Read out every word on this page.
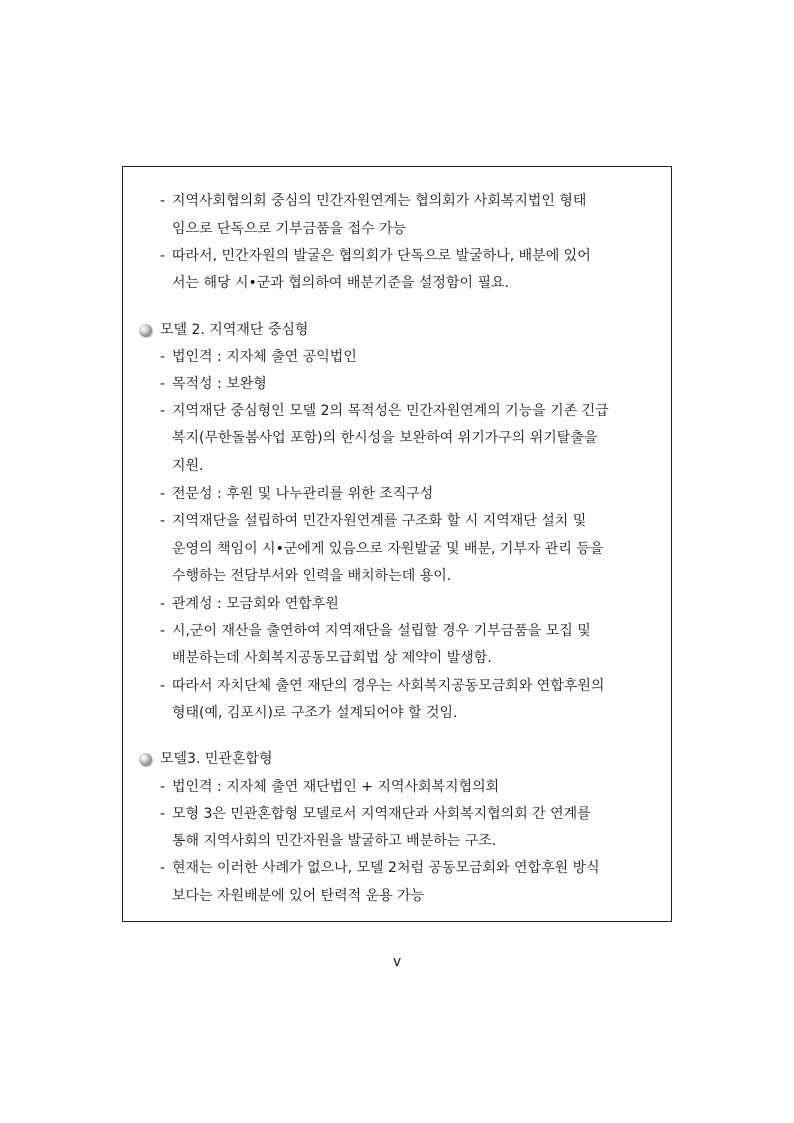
- 지역사회협의회 중심의 민간자원연계는 협의회가 사회복지법인 형태
임으로 단독으로 기부금품을 접수 가능
- 따라서, 민간자원의 발굴은 협의회가 단독으로 발굴하나, 배분에 있어
서는 해당 시•군과 협의하여 배분기준을 설정함이 필요.
모델 2. 지역재단 중심형
- 법인격 : 지자체 출연 공익법인
- 목적성 : 보완형
- 지역재단 중심형인 모델 2의 목적성은 민간자원연계의 기능을 기존 긴급
복지(무한돌봄사업 포함)의 한시성을 보완하여 위기가구의 위기탈출을
지원.
- 전문성 : 후원 및 나누관리를 위한 조직구성
- 지역재단을 설립하여 민간자원연계를 구조화 할 시 지역재단 설치 및
운영의 책임이 시•군에게 있음으로 자원발굴 및 배분, 기부자 관리 등을
수행하는 전담부서와 인력을 배치하는데 용이.
- 관계성 : 모금회와 연합후원
- 시,군이 재산을 출연하여 지역재단을 설립할 경우 기부금품을 모집 및
배분하는데 사회복지공동모급회법 상 제약이 발생함.
- 따라서 자치단체 출연 재단의 경우는 사회복지공동모금회와 연합후원의
형태(예, 김포시)로 구조가 설계되어야 할 것임.
모델3. 민관혼합형
- 법인격 : 지자체 출연 재단법인 + 지역사회복지협의회
- 모형 3은 민관혼합형 모델로서 지역재단과 사회복지협의회 간 연계를
통해 지역사회의 민간자원을 발굴하고 배분하는 구조.
- 현재는 이러한 사례가 없으나, 모델 2처럼 공동모금회와 연합후원 방식
보다는 자원배분에 있어 탄력적 운용 가능
v
